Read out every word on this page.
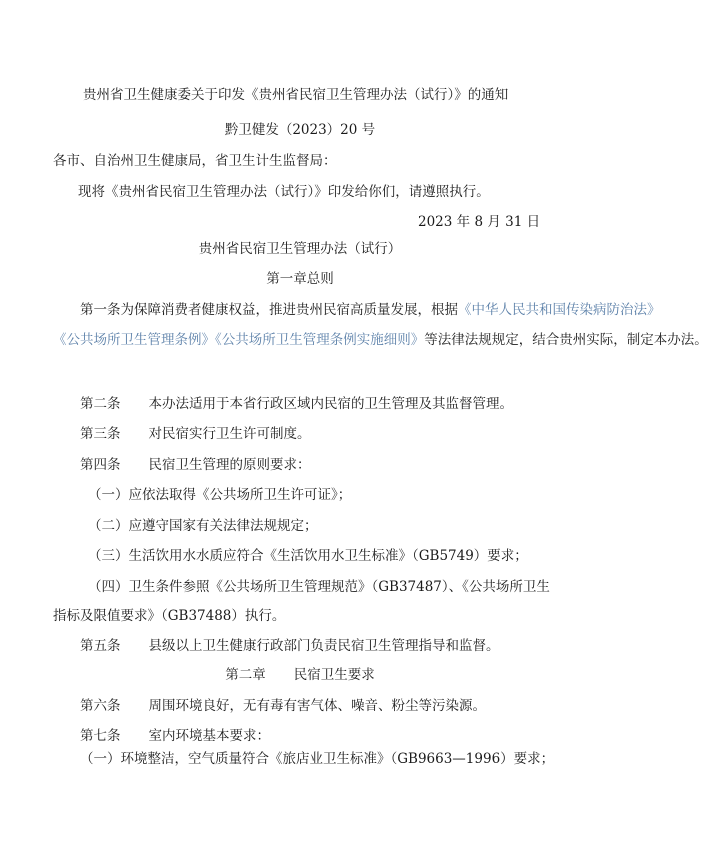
贵州省卫生健康委关于印发《贵州省民宿卫生管理办法（试行）》的通知
黔卫健发（2023）20 号
各市、自治州卫生健康局，省卫生计生监督局：
现将《贵州省民宿卫生管理办法（试行）》印发给你们，请遵照执行。
2023 年 8 月 31 日
贵州省民宿卫生管理办法（试行）
第一章总则
第一条为保障消费者健康权益，推进贵州民宿高质量发展，根据《中华人民共和国传染病防治法》
《公共场所卫生管理条例》《公共场所卫生管理条例实施细则》等法律法规规定，结合贵州实际，制定本办法。
第二条 本办法适用于本省行政区域内民宿的卫生管理及其监督管理。
第三条 对民宿实行卫生许可制度。
第四条 民宿卫生管理的原则要求：
（一）应依法取得《公共场所卫生许可证》；
（二）应遵守国家有关法律法规规定；
（三）生活饮用水水质应符合《生活饮用水卫生标准》（GB5749）要求；
（四）卫生条件参照《公共场所卫生管理规范》（GB37487）、《公共场所卫生
指标及限值要求》（GB37488）执行。
第五条 县级以上卫生健康行政部门负责民宿卫生管理指导和监督。
第二章 民宿卫生要求
第六条 周围环境良好，无有毒有害气体、噪音、粉尘等污染源。
第七条 室内环境基本要求：
（一）环境整洁，空气质量符合《旅店业卫生标准》（GB9663—1996）要求；
